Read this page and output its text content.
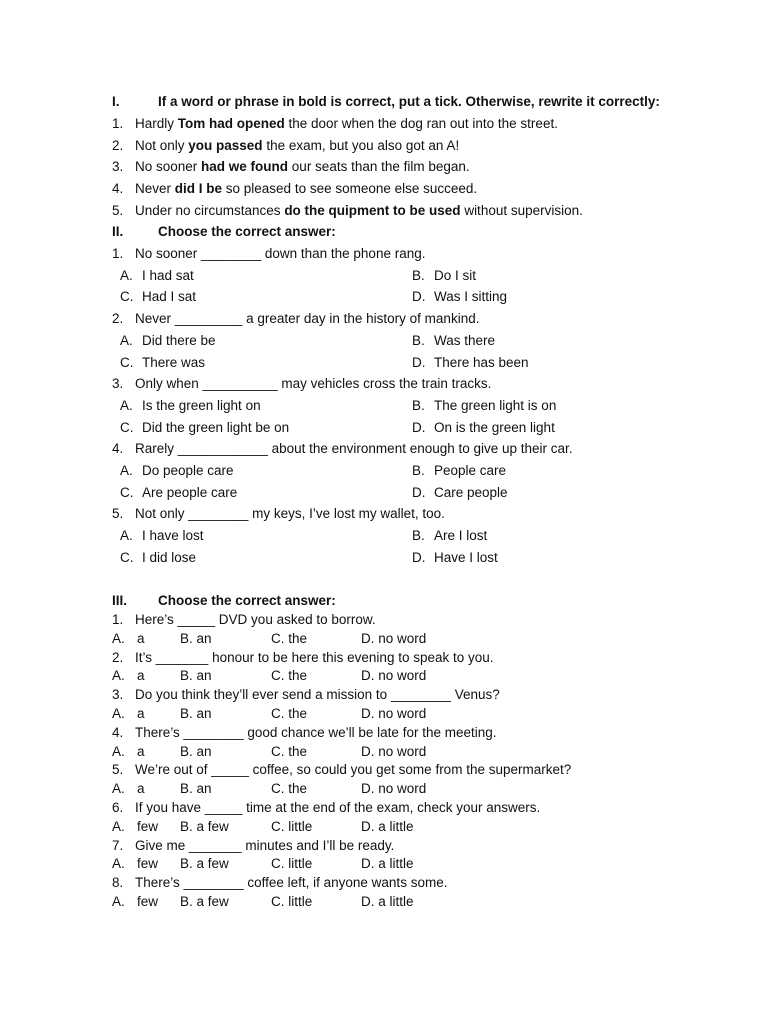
I.	If a word or phrase in bold is correct, put a tick. Otherwise, rewrite it correctly:
1. Hardly Tom had opened the door when the dog ran out into the street.
2. Not only you passed the exam, but you also got an A!
3. No sooner had we found our seats than the film began.
4. Never did I be so pleased to see someone else succeed.
5. Under no circumstances do the quipment to be used without supervision.
II.	Choose the correct answer:
1. No sooner ________ down than the phone rang.
A. I had sat	B. Do I sit
C. Had I sat	D. Was I sitting
2. Never _________ a greater day in the history of mankind.
A. Did there be	B. Was there
C. There was	D. There has been
3. Only when __________ may vehicles cross the train tracks.
A. Is the green light on	B. The green light is on
C. Did the green light be on	D. On is the green light
4. Rarely ____________ about the environment enough to give up their car.
A. Do people care	B. People care
C. Are people care	D. Care people
5. Not only ________ my keys, I’ve lost my wallet, too.
A. I have lost	B. Are I lost
C. I did lose	D. Have I lost
III. Choose the correct answer:
1. Here’s _____ DVD you asked to borrow.
A. a	B. an	C. the	D. no word
2. It’s _______ honour to be here this evening to speak to you.
A. a	B. an	C. the	D. no word
3. Do you think they’ll ever send a mission to ________ Venus?
A. a	B. an	C. the	D. no word
4. There’s ________ good chance we’ll be late for the meeting.
A. a	B. an	C. the	D. no word
5. We’re out of _____ coffee, so could you get some from the supermarket?
A. a	B. an	C. the	D. no word
6. If you have _____ time at the end of the exam, check your answers.
A. few B. a few	C. little	D. a little
7. Give me _______ minutes and I’ll be ready.
A. few B. a few	C. little	D. a little
8. There’s ________ coffee left, if anyone wants some.
A. few B. a few	C. little	D. a little
